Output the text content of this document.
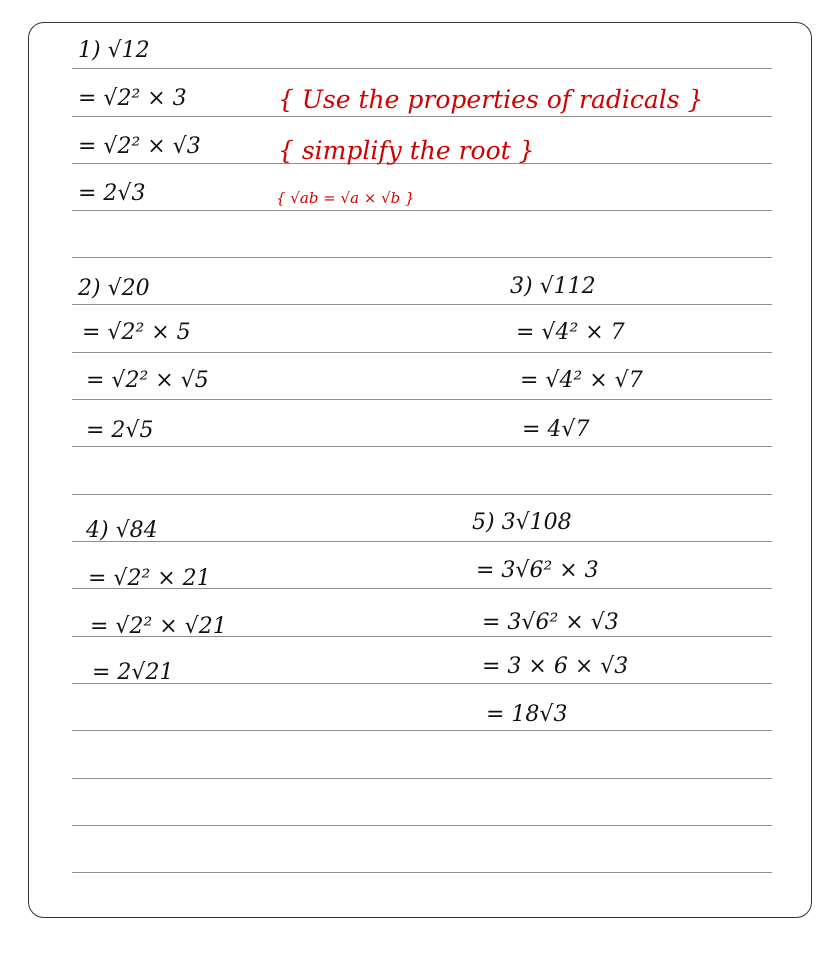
1) √12
= √2² × 3
= √2² × √3
= 2√3
{ Use the properties of radicals }
{ simplify the root }
{ √ab = √a × √b }
2) √20
= √2² × 5
= √2² × √5
= 2√5
3) √112
= √4² × 7
= √4² × √7
= 4√7
4) √84
= √2² × 21
= √2² × √21
= 2√21
5) 3√108
= 3√6² × 3
= 3√6² × √3
= 3 × 6 × √3
= 18√3
